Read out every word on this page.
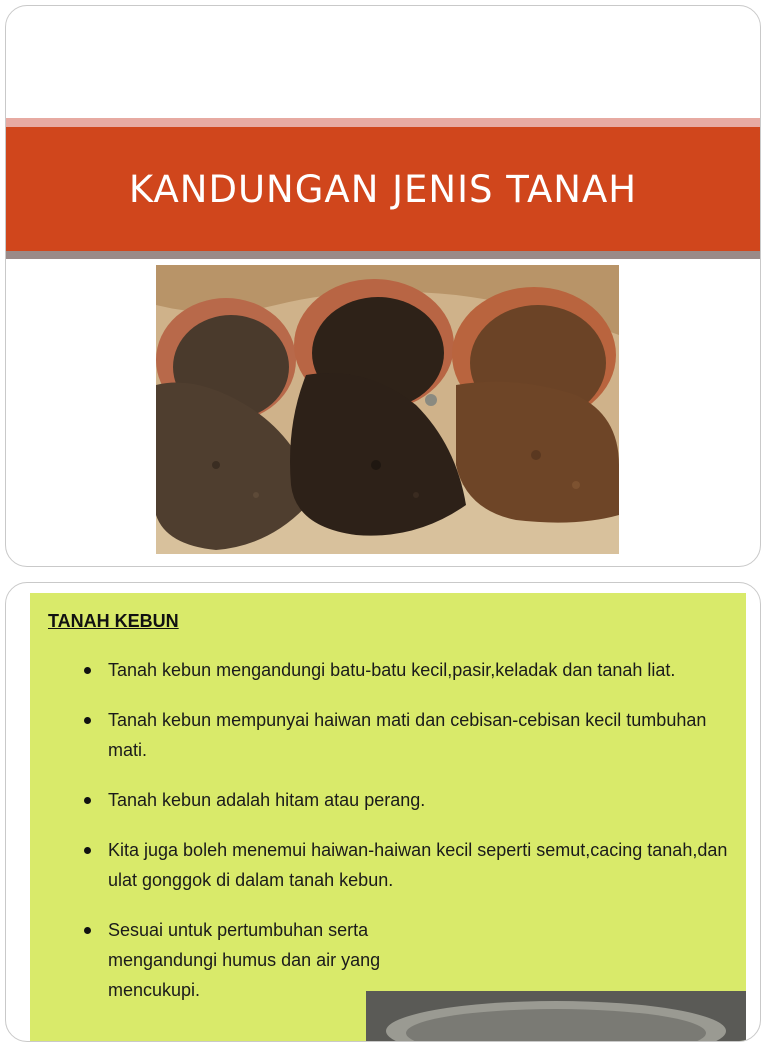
KANDUNGAN JENIS TANAH

TANAH KEBUN

Tanah kebun mengandungi batu-batu kecil,pasir,keladak dan tanah liat.
Tanah kebun mempunyai haiwan mati dan cebisan-cebisan kecil tumbuhan mati.
Tanah kebun adalah hitam atau perang.
Kita juga boleh menemui haiwan-haiwan kecil seperti semut,cacing tanah,dan ulat gonggok di dalam tanah kebun.
Sesuai untuk pertumbuhan serta mengandungi humus dan air yang mencukupi.
